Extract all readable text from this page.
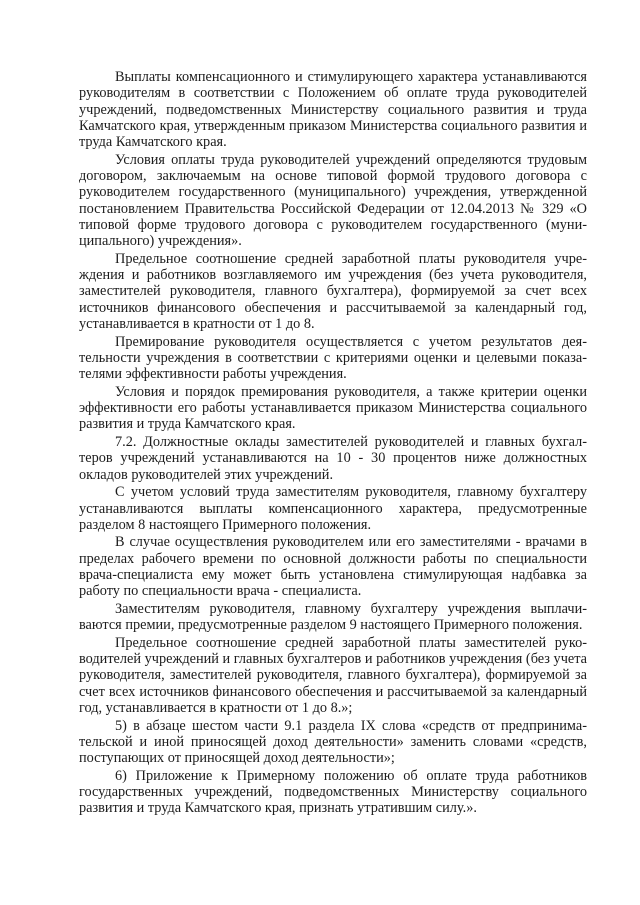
Выплаты компенсационного и стимулирующего характера устанавливаются руководителям в соответствии с Положением об оплате труда руководителей учреждений, подведомственных Министерству социального развития и труда Камчатского края, утвержденным приказом Министерства социального развития и труда Камчатского края.

Условия оплаты труда руководителей учреждений определяются трудовым договором, заключаемым на основе типовой формой трудового договора с руководителем государственного (муниципального) учреждения, утвержденной постановлением Правительства Российской Федерации от 12.04.2013 № 329 «О типовой форме трудового договора с руководителем государственного (муниципального) учреждения».

Предельное соотношение средней заработной платы руководителя учреждения и работников возглавляемого им учреждения (без учета руководителя, заместителей руководителя, главного бухгалтера), формируемой за счет всех источников финансового обеспечения и рассчитываемой за календарный год, устанавливается в кратности от 1 до 8.

Премирование руководителя осуществляется с учетом результатов деятельности учреждения в соответствии с критериями оценки и целевыми показателями эффективности работы учреждения.

Условия и порядок премирования руководителя, а также критерии оценки эффективности его работы устанавливается приказом Министерства социального развития и труда Камчатского края.

7.2. Должностные оклады заместителей руководителей и главных бухгалтеров учреждений устанавливаются на 10 - 30 процентов ниже должностных окладов руководителей этих учреждений.

С учетом условий труда заместителям руководителя, главному бухгалтеру устанавливаются выплаты компенсационного характера, предусмотренные разделом 8 настоящего Примерного положения.

В случае осуществления руководителем или его заместителями - врачами в пределах рабочего времени по основной должности работы по специальности врача-специалиста ему может быть установлена стимулирующая надбавка за работу по специальности врача - специалиста.

Заместителям руководителя, главному бухгалтеру учреждения выплачиваются премии, предусмотренные разделом 9 настоящего Примерного положения.

Предельное соотношение средней заработной платы заместителей руководителей учреждений и главных бухгалтеров и работников учреждения (без учета руководителя, заместителей руководителя, главного бухгалтера), формируемой за счет всех источников финансового обеспечения и рассчитываемой за календарный год, устанавливается в кратности от 1 до 8.»;

5) в абзаце шестом части 9.1 раздела IX слова «средств от предпринимательской и иной приносящей доход деятельности» заменить словами «средств, поступающих от приносящей доход деятельности»;

6) Приложение к Примерному положению об оплате труда работников государственных учреждений, подведомственных Министерству социального развития и труда Камчатского края, признать утратившим силу.».
